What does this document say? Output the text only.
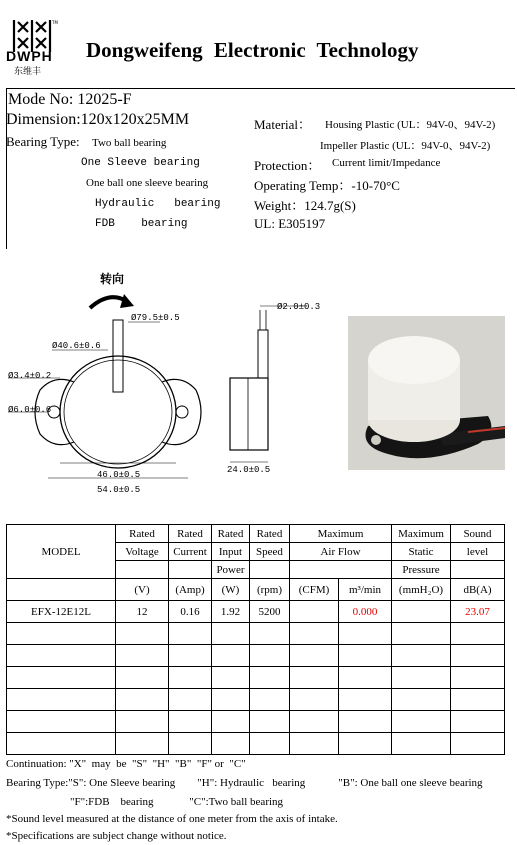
TM
DWPH
东维丰
Dongweifeng Electronic Technology
Mode No: 12025-F
Dimension:120x120x25MM
Bearing Type: Two ball bearing
One Sleeve bearing
One ball one sleeve bearing
Hydraulic   bearing
FDB    bearing
Material： Housing Plastic (UL：94V-0、94V-2)
Impeller Plastic (UL：94V-0、94V-2)
Protection： Current limit/Impedance
Operating Temp：-10-70°C
Weight：124.7g(S)
UL: E305197
转向
Ø79.5±0.5
Ø40.6±0.6
Ø3.4±0.2
Ø6.0±0.6
46.0±0.5
54.0±0.5
Ø2.0±0.3
24.0±0.5
MODEL	Rated	Rated	Rated	Rated	Maximum		Maximum	Sound
	Voltage	Current	Input	Speed	Air Flow		Static	level
			Power				Pressure	
	(V)	(Amp)	(W)	(rpm)	(CFM)	m³/min	(mmH₂O)	dB(A)
EFX-12E12L	12	0.16	1.92	5200		0.000		23.07

Continuation: "X"  may  be  "S"  "H"  "B"  "F" or  "C"
Bearing Type:"S": One Sleeve bearing        "H": Hydraulic   bearing            "B": One ball one sleeve bearing
"F":FDB    bearing             "C":Two ball bearing
*Sound level measured at the distance of one meter from the axis of intake.
*Specifications are subject change without notice.
